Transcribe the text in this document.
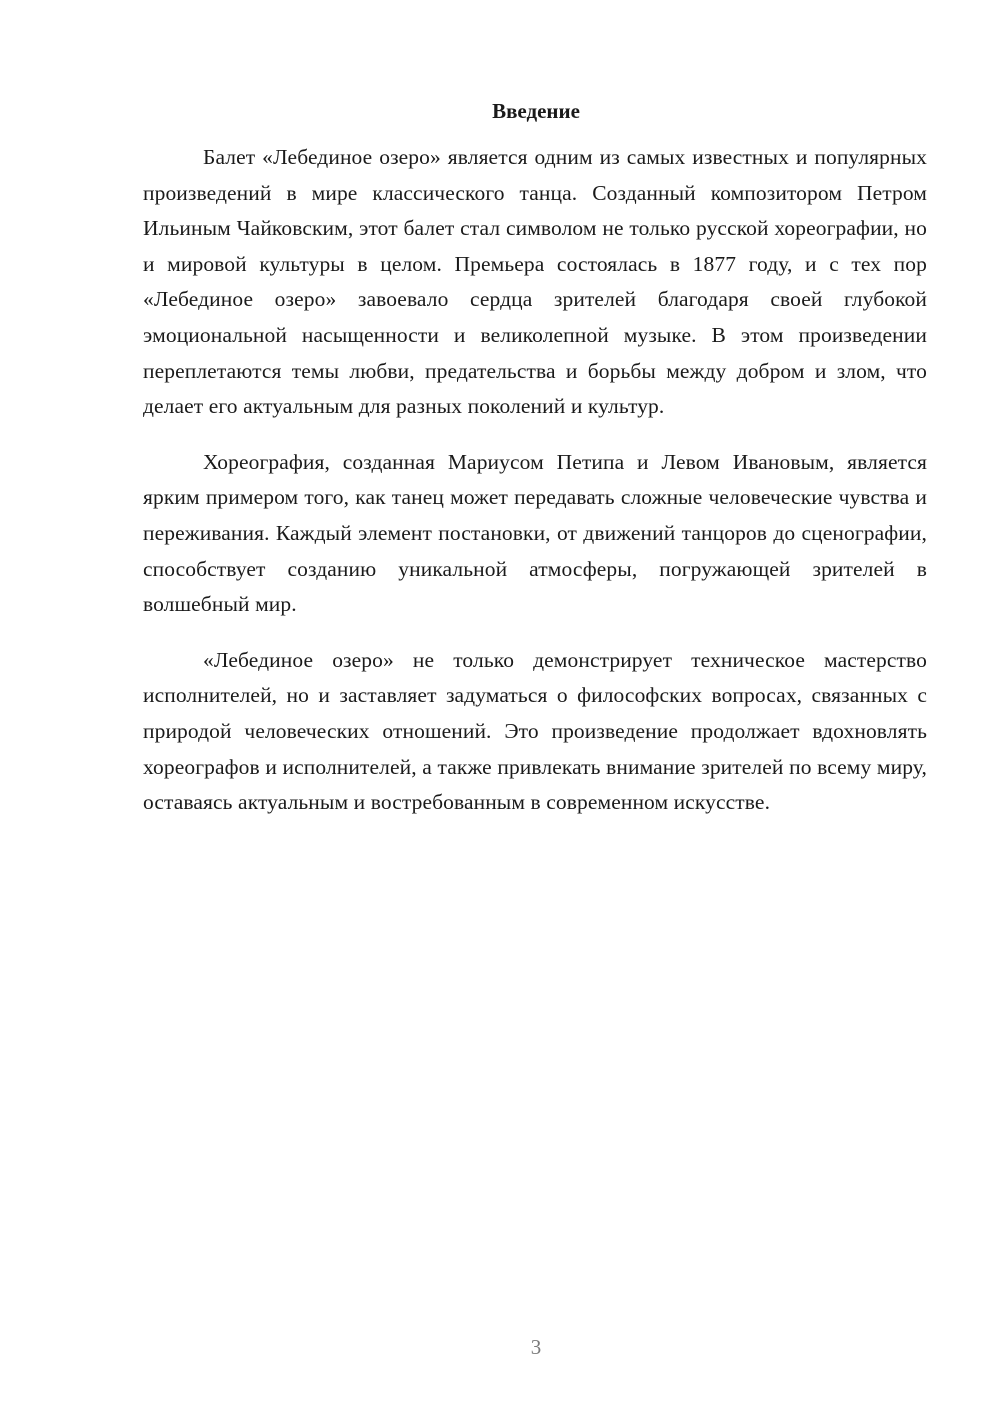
Введение

Балет «Лебединое озеро» является одним из самых известных и популярных произведений в мире классического танца. Созданный композитором Петром Ильиным Чайковским, этот балет стал символом не только русской хореографии, но и мировой культуры в целом. Премьера состоялась в 1877 году, и с тех пор «Лебединое озеро» завоевало сердца зрителей благодаря своей глубокой эмоциональной насыщенности и великолепной музыке. В этом произведении переплетаются темы любви, предательства и борьбы между добром и злом, что делает его актуальным для разных поколений и культур.

Хореография, созданная Мариусом Петипа и Левом Ивановым, является ярким примером того, как танец может передавать сложные человеческие чувства и переживания. Каждый элемент постановки, от движений танцоров до сценографии, способствует созданию уникальной атмосферы, погружающей зрителей в волшебный мир.

«Лебединое озеро» не только демонстрирует техническое мастерство исполнителей, но и заставляет задуматься о философских вопросах, связанных с природой человеческих отношений. Это произведение продолжает вдохновлять хореографов и исполнителей, а также привлекать внимание зрителей по всему миру, оставаясь актуальным и востребованным в современном искусстве.

3
